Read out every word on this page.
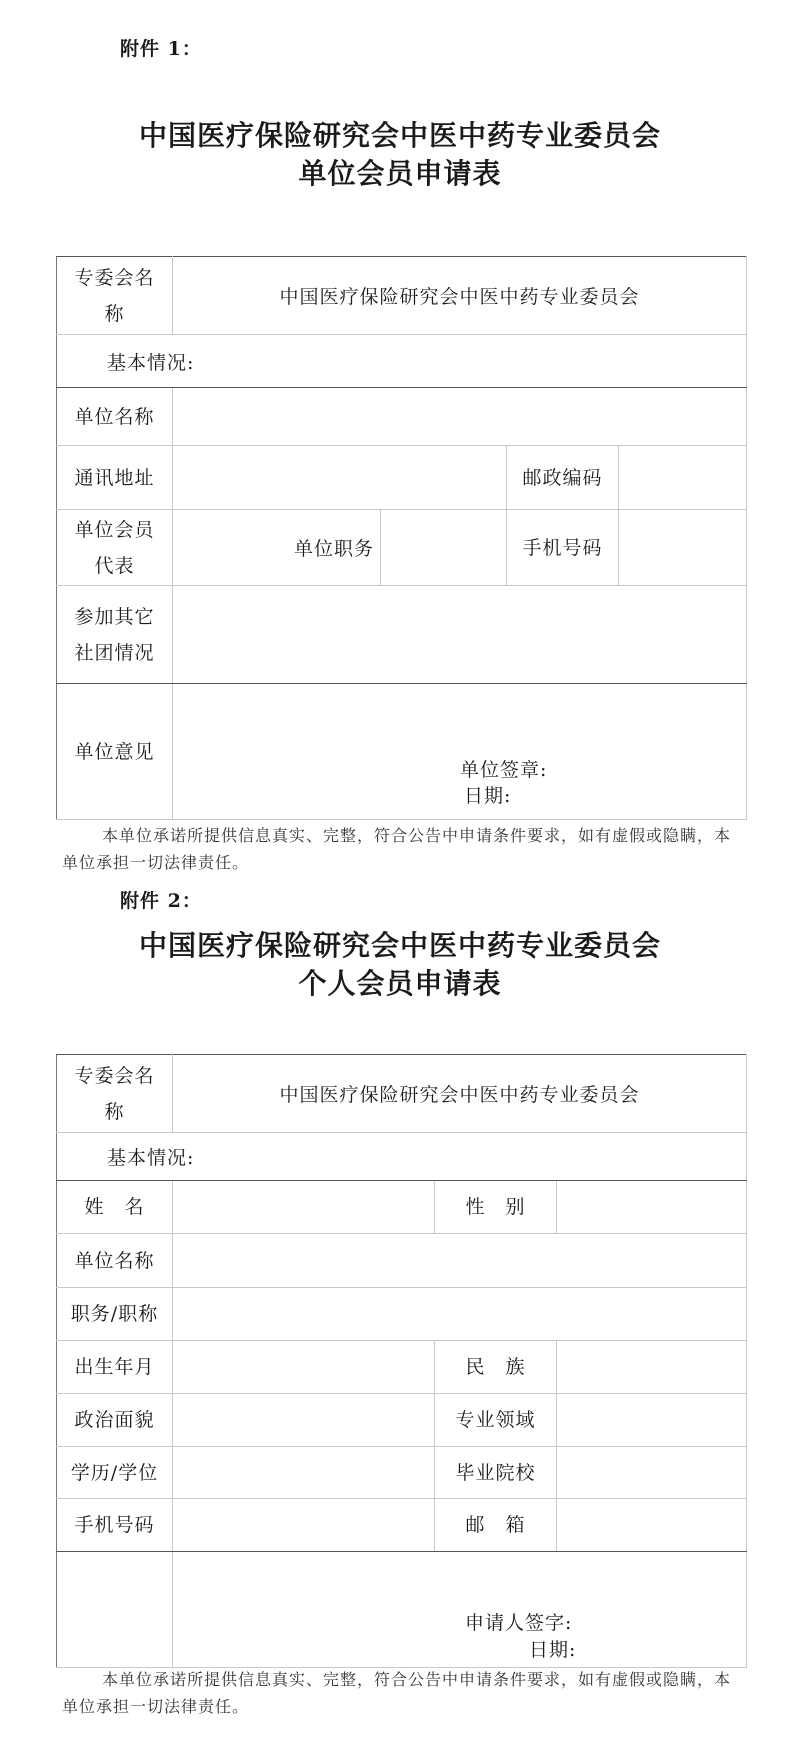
附件 1：
中国医疗保险研究会中医中药专业委员会
单位会员申请表
专委会名称	中国医疗保险研究会中医中药专业委员会			
基本情况:				
单位名称				
通讯地址			邮政编码	

单位会员代表	单位职务		手机号码	

参加其它社团情况				

单位意见	单位签章:
日期:			
本单位承诺所提供信息真实、完整，符合公告中申请条件要求，如有虚假或隐瞒，本单位承担一切法律责任。
附件 2：
中国医疗保险研究会中医中药专业委员会
个人会员申请表
专委会名称	中国医疗保险研究会中医中药专业委员会		
基本情况:			
姓　名		性　别	
单位名称			
职务/职称			
出生年月		民　族	
政治面貌		专业领域	
学历/学位		毕业院校	
手机号码		邮　箱	

	申请人签字:
日期:		
本单位承诺所提供信息真实、完整，符合公告中申请条件要求，如有虚假或隐瞒，本单位承担一切法律责任。
